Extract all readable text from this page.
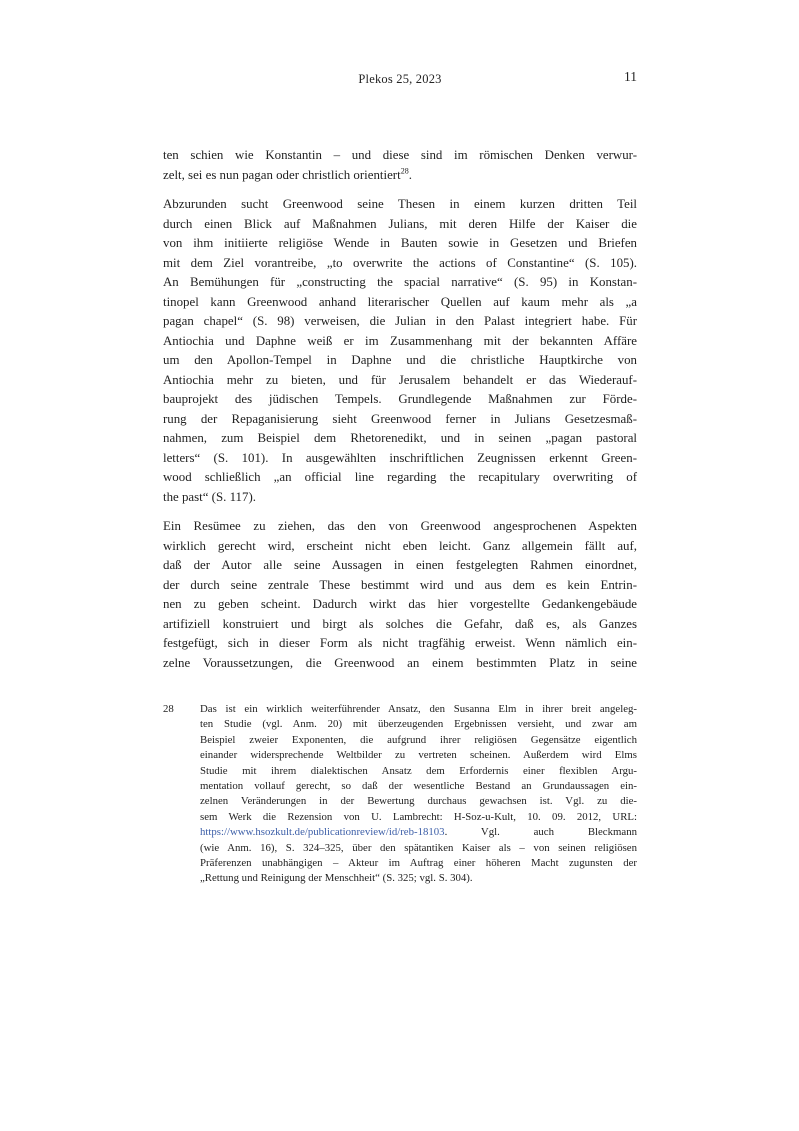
Plekos 25, 2023	11
ten schien wie Konstantin – und diese sind im römischen Denken verwur-
zelt, sei es nun pagan oder christlich orientiert$^{28}$.
Abzurunden sucht Greenwood seine Thesen in einem kurzen dritten Teil
durch einen Blick auf Maßnahmen Julians, mit deren Hilfe der Kaiser die
von ihm initiierte religiöse Wende in Bauten sowie in Gesetzen und Briefen
mit dem Ziel vorantreibe, „to overwrite the actions of Constantine“ (S. 105).
An Bemühungen für „constructing the spacial narrative“ (S. 95) in Konstan-
tinopel kann Greenwood anhand literarischer Quellen auf kaum mehr als „a
pagan chapel“ (S. 98) verweisen, die Julian in den Palast integriert habe. Für
Antiochia und Daphne weiß er im Zusammenhang mit der bekannten Affäre
um den Apollon-Tempel in Daphne und die christliche Hauptkirche von
Antiochia mehr zu bieten, und für Jerusalem behandelt er das Wiederauf-
bauprojekt des jüdischen Tempels. Grundlegende Maßnahmen zur Förde-
rung der Repaganisierung sieht Greenwood ferner in Julians Gesetzesmaß-
nahmen, zum Beispiel dem Rhetorenedikt, und in seinen „pagan pastoral
letters“ (S. 101). In ausgewählten inschriftlichen Zeugnissen erkennt Green-
wood schließlich „an official line regarding the recapitulary overwriting of
the past“ (S. 117).
Ein Resümee zu ziehen, das den von Greenwood angesprochenen Aspekten
wirklich gerecht wird, erscheint nicht eben leicht. Ganz allgemein fällt auf,
daß der Autor alle seine Aussagen in einen festgelegten Rahmen einordnet,
der durch seine zentrale These bestimmt wird und aus dem es kein Entrin-
nen zu geben scheint. Dadurch wirkt das hier vorgestellte Gedankengebäude
artifiziell konstruiert und birgt als solches die Gefahr, daß es, als Ganzes
festgefügt, sich in dieser Form als nicht tragfähig erweist. Wenn nämlich ein-
zelne Voraussetzungen, die Greenwood an einem bestimmten Platz in seine
28	Das ist ein wirklich weiterführender Ansatz, den Susanna Elm in ihrer breit angeleg-
ten Studie (vgl. Anm. 20) mit überzeugenden Ergebnissen versieht, und zwar am
Beispiel zweier Exponenten, die aufgrund ihrer religiösen Gegensätze eigentlich
einander widersprechende Weltbilder zu vertreten scheinen. Außerdem wird Elms
Studie mit ihrem dialektischen Ansatz dem Erfordernis einer flexiblen Argu-
mentation vollauf gerecht, so daß der wesentliche Bestand an Grundaussagen ein-
zelnen Veränderungen in der Bewertung durchaus gewachsen ist. Vgl. zu die-
sem Werk die Rezension von U. Lambrecht: H-Soz-u-Kult, 10. 09. 2012, URL:
https://www.hsozkult.de/publicationreview/id/reb-18103. Vgl. auch Bleckmann
(wie Anm. 16), S. 324–325, über den spätantiken Kaiser als – von seinen religiösen
Präferenzen unabhängigen – Akteur im Auftrag einer höheren Macht zugunsten der
„Rettung und Reinigung der Menschheit“ (S. 325; vgl. S. 304).
